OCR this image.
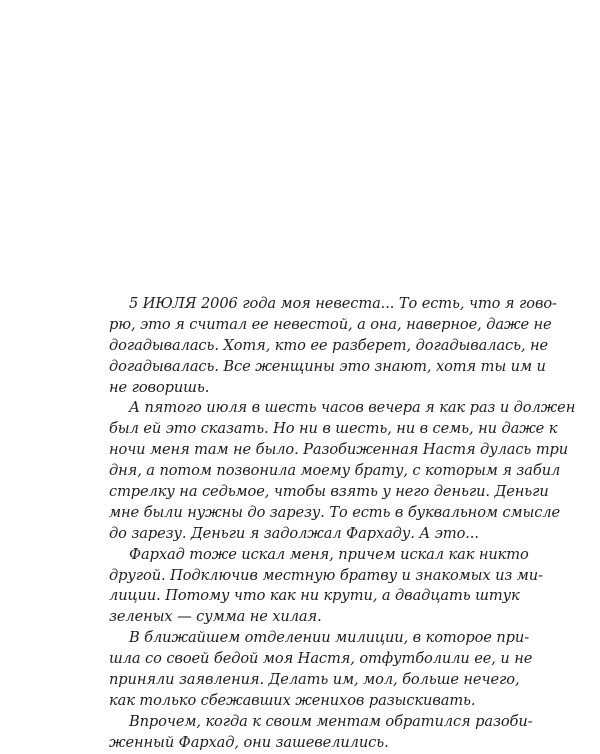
5 ИЮЛЯ 2006 года моя невеста... То есть, что я гово-
рю, это я считал ее невестой, а она, наверное, даже не
догадывалась. Хотя, кто ее разберет, догадывалась, не
догадывалась. Все женщины это знают, хотя ты им и
не говоришь.
А пятого июля в шесть часов вечера я как раз и должен
был ей это сказать. Но ни в шесть, ни в семь, ни даже к
ночи меня там не было. Разобиженная Настя дулась три
дня, а потом позвонила моему брату, с которым я забил
стрелку на седьмое, чтобы взять у него деньги. Деньги
мне были нужны до зарезу. То есть в буквальном смысле
до зарезу. Деньги я задолжал Фархаду. А это...
Фархад тоже искал меня, причем искал как никто
другой. Подключив местную братву и знакомых из ми-
лиции. Потому что как ни крути, а двадцать штук
зеленых — сумма не хилая.
В ближайшем отделении милиции, в которое при-
шла со своей бедой моя Настя, отфутболили ее, и не
приняли заявления. Делать им, мол, больше нечего,
как только сбежавших женихов разыскивать.
Впрочем, когда к своим ментам обратился разоби-
женный Фархад, они зашевелились.
